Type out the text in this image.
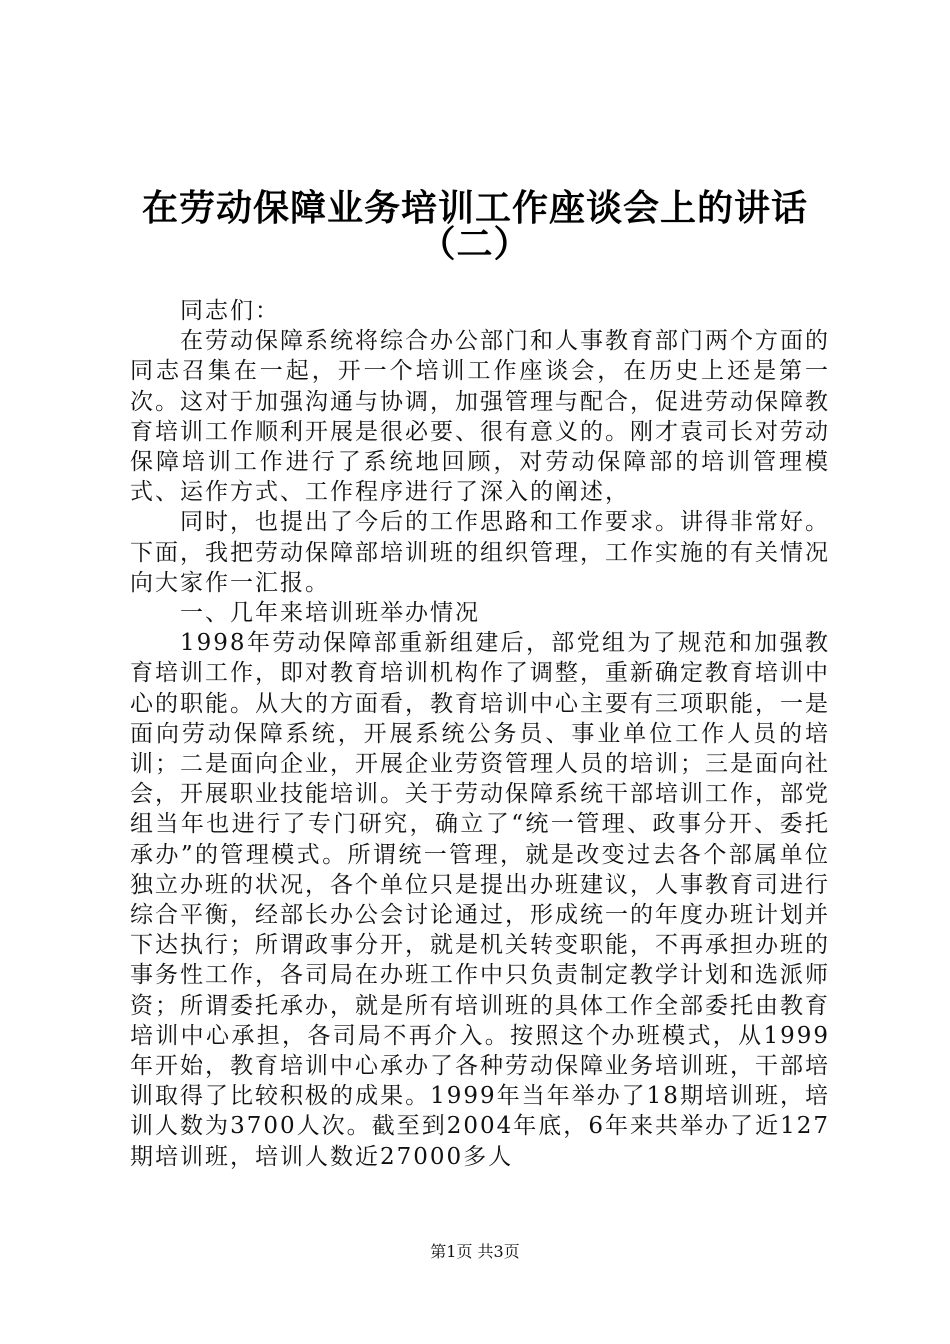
在劳动保障业务培训工作座谈会上的讲话
（二）

同志们：

在劳动保障系统将综合办公部门和人事教育部门两个方面的同志召集在一起，开一个培训工作座谈会，在历史上还是第一次。这对于加强沟通与协调，加强管理与配合，促进劳动保障教育培训工作顺利开展是很必要、很有意义的。刚才袁司长对劳动保障培训工作进行了系统地回顾，对劳动保障部的培训管理模式、运作方式、工作程序进行了深入的阐述，

同时，也提出了今后的工作思路和工作要求。讲得非常好。下面，我把劳动保障部培训班的组织管理，工作实施的有关情况向大家作一汇报。

一、几年来培训班举办情况

1998年劳动保障部重新组建后，部党组为了规范和加强教育培训工作，即对教育培训机构作了调整，重新确定教育培训中心的职能。从大的方面看，教育培训中心主要有三项职能，一是面向劳动保障系统，开展系统公务员、事业单位工作人员的培训；二是面向企业，开展企业劳资管理人员的培训；三是面向社会，开展职业技能培训。关于劳动保障系统干部培训工作，部党组当年也进行了专门研究，确立了“统一管理、政事分开、委托承办”的管理模式。所谓统一管理，就是改变过去各个部属单位独立办班的状况，各个单位只是提出办班建议，人事教育司进行综合平衡，经部长办公会讨论通过，形成统一的年度办班计划并下达执行；所谓政事分开，就是机关转变职能，不再承担办班的事务性工作，各司局在办班工作中只负责制定教学计划和选派师资；所谓委托承办，就是所有培训班的具体工作全部委托由教育培训中心承担，各司局不再介入。按照这个办班模式，从1999年开始，教育培训中心承办了各种劳动保障业务培训班，干部培训取得了比较积极的成果。1999年当年举办了18期培训班，培训人数为3700人次。截至到2004年底，6年来共举办了近127期培训班，培训人数近27000多人

第1页 共3页
